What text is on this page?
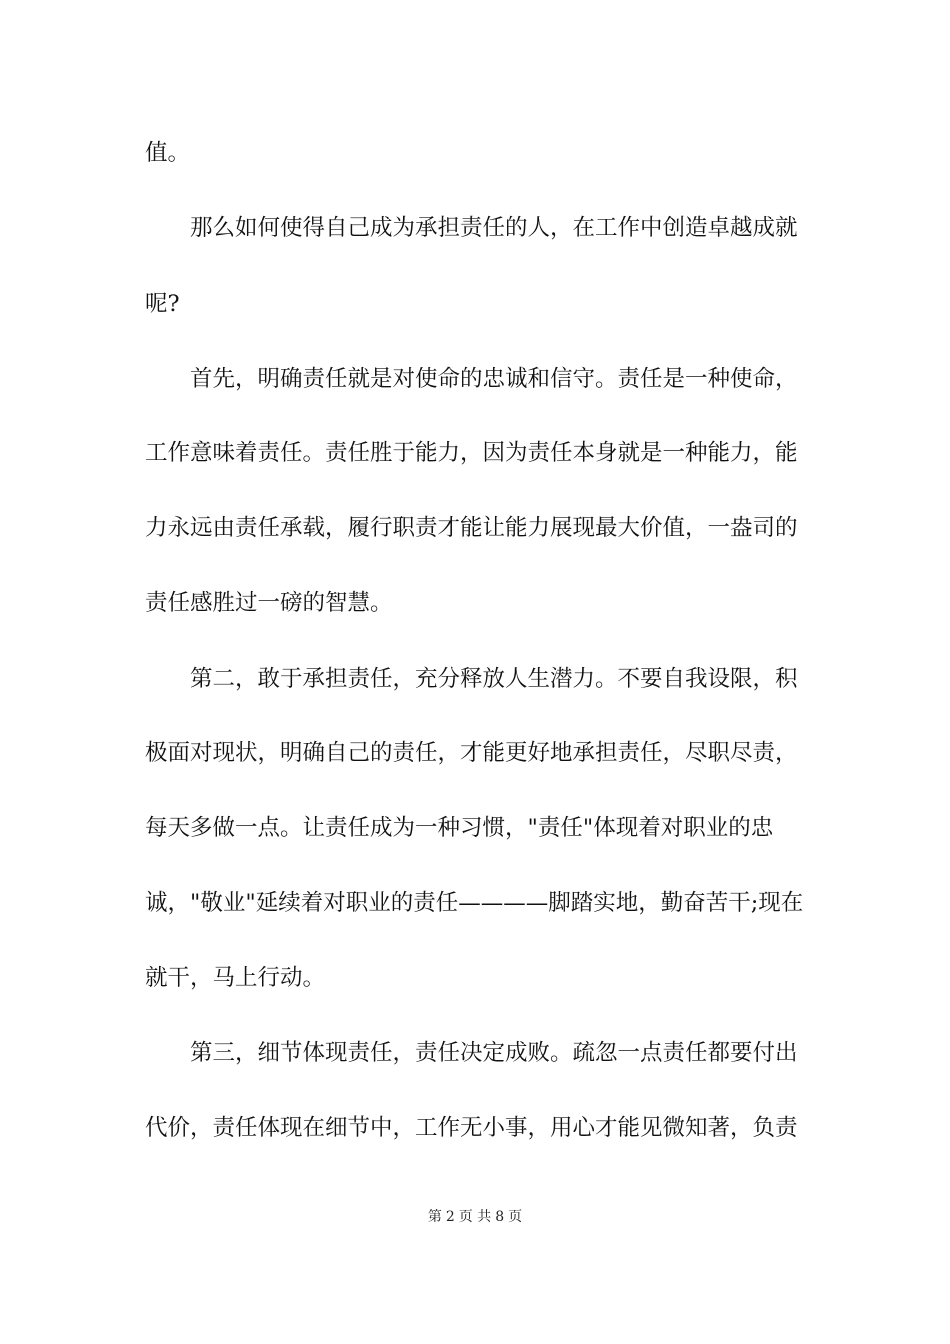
值。
那么如何使得自己成为承担责任的人，在工作中创造卓越成就
呢?
首先，明确责任就是对使命的忠诚和信守。责任是一种使命，
工作意味着责任。责任胜于能力，因为责任本身就是一种能力，能
力永远由责任承载，履行职责才能让能力展现最大价值，一盎司的
责任感胜过一磅的智慧。
第二，敢于承担责任，充分释放人生潜力。不要自我设限，积
极面对现状，明确自己的责任，才能更好地承担责任，尽职尽责，
每天多做一点。让责任成为一种习惯，"责任"体现着对职业的忠
诚，"敬业"延续着对职业的责任————脚踏实地，勤奋苦干;现在
就干，马上行动。
第三，细节体现责任，责任决定成败。疏忽一点责任都要付出
代价，责任体现在细节中，工作无小事，用心才能见微知著，负责
第 2 页 共 8 页
